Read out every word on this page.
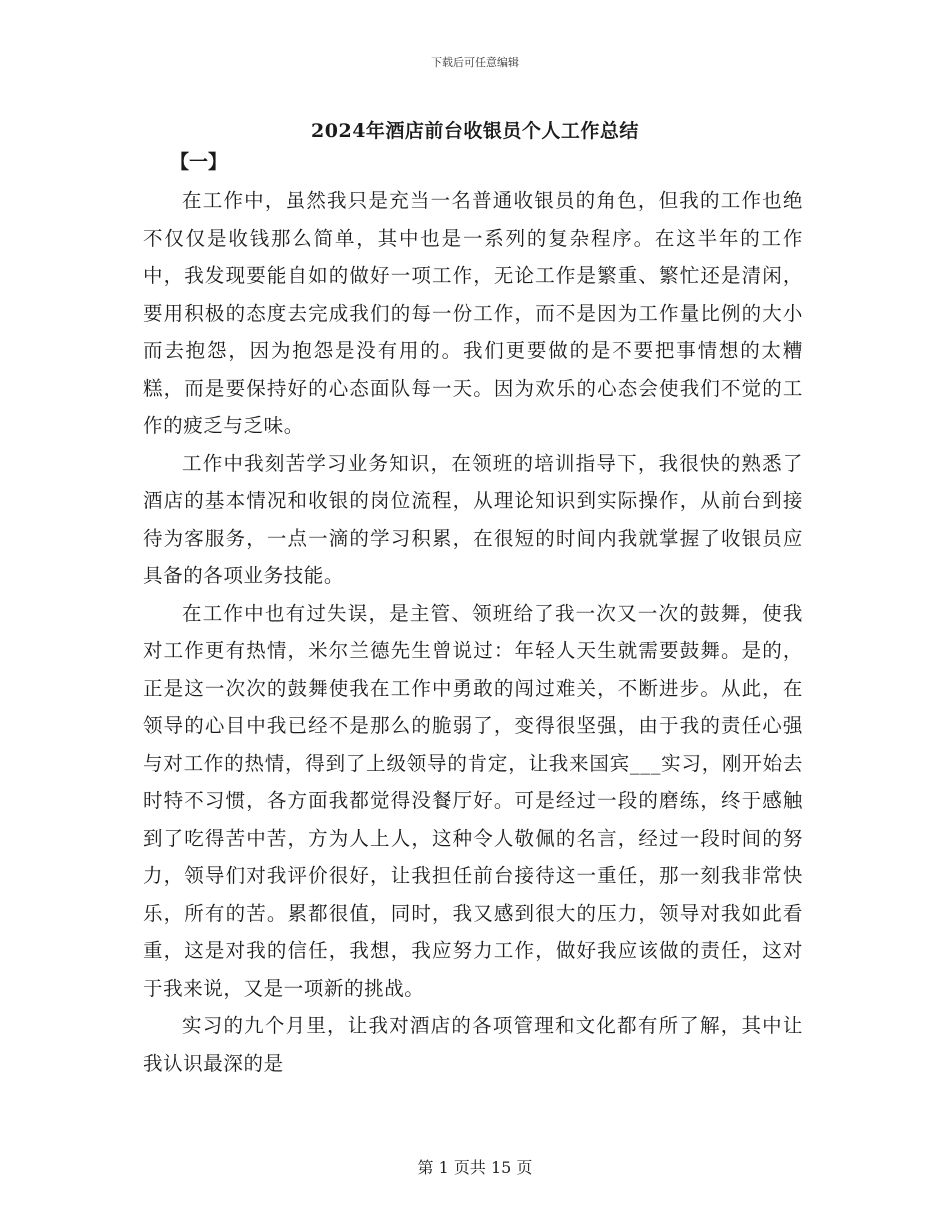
下载后可任意编辑
2024年酒店前台收银员个人工作总结
【一】

在工作中，虽然我只是充当一名普通收银员的角色，但我的工作也绝不仅仅是收钱那么简单，其中也是一系列的复杂程序。在这半年的工作中，我发现要能自如的做好一项工作，无论工作是繁重、繁忙还是清闲，要用积极的态度去完成我们的每一份工作，而不是因为工作量比例的大小而去抱怨，因为抱怨是没有用的。我们更要做的是不要把事情想的太糟糕，而是要保持好的心态面队每一天。因为欢乐的心态会使我们不觉的工作的疲乏与乏味。

工作中我刻苦学习业务知识，在领班的培训指导下，我很快的熟悉了酒店的基本情况和收银的岗位流程，从理论知识到实际操作，从前台到接待为客服务，一点一滴的学习积累，在很短的时间内我就掌握了收银员应具备的各项业务技能。

在工作中也有过失误，是主管、领班给了我一次又一次的鼓舞，使我对工作更有热情，米尔兰德先生曾说过：年轻人天生就需要鼓舞。是的，正是这一次次的鼓舞使我在工作中勇敢的闯过难关，不断进步。从此，在领导的心目中我已经不是那么的脆弱了，变得很坚强，由于我的责任心强与对工作的热情，得到了上级领导的肯定，让我来国宾___实习，刚开始去时特不习惯，各方面我都觉得没餐厅好。可是经过一段的磨练，终于感触到了吃得苦中苦，方为人上人，这种令人敬佩的名言，经过一段时间的努力，领导们对我评价很好，让我担任前台接待这一重任，那一刻我非常快乐，所有的苦。累都很值，同时，我又感到很大的压力，领导对我如此看重，这是对我的信任，我想，我应努力工作，做好我应该做的责任，这对于我来说，又是一项新的挑战。

实习的九个月里，让我对酒店的各项管理和文化都有所了解，其中让我认识最深的是

第 1 页共 15 页
